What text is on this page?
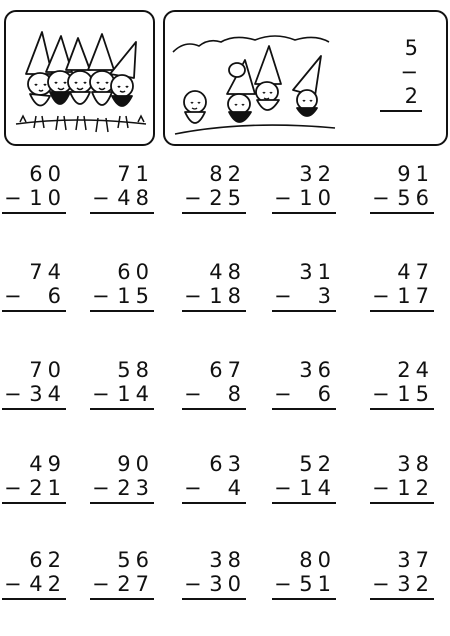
5
− 2
60
− 10
71
− 48
82
− 25
32
− 10
91
− 56
74
− 6
60
− 15
48
− 18
31
− 3
47
− 17
70
− 34
58
− 14
67
− 8
36
− 6
24
− 15
49
− 21
90
− 23
63
− 4
52
− 14
38
− 12
62
− 42
56
− 27
38
− 30
80
− 51
37
− 32
